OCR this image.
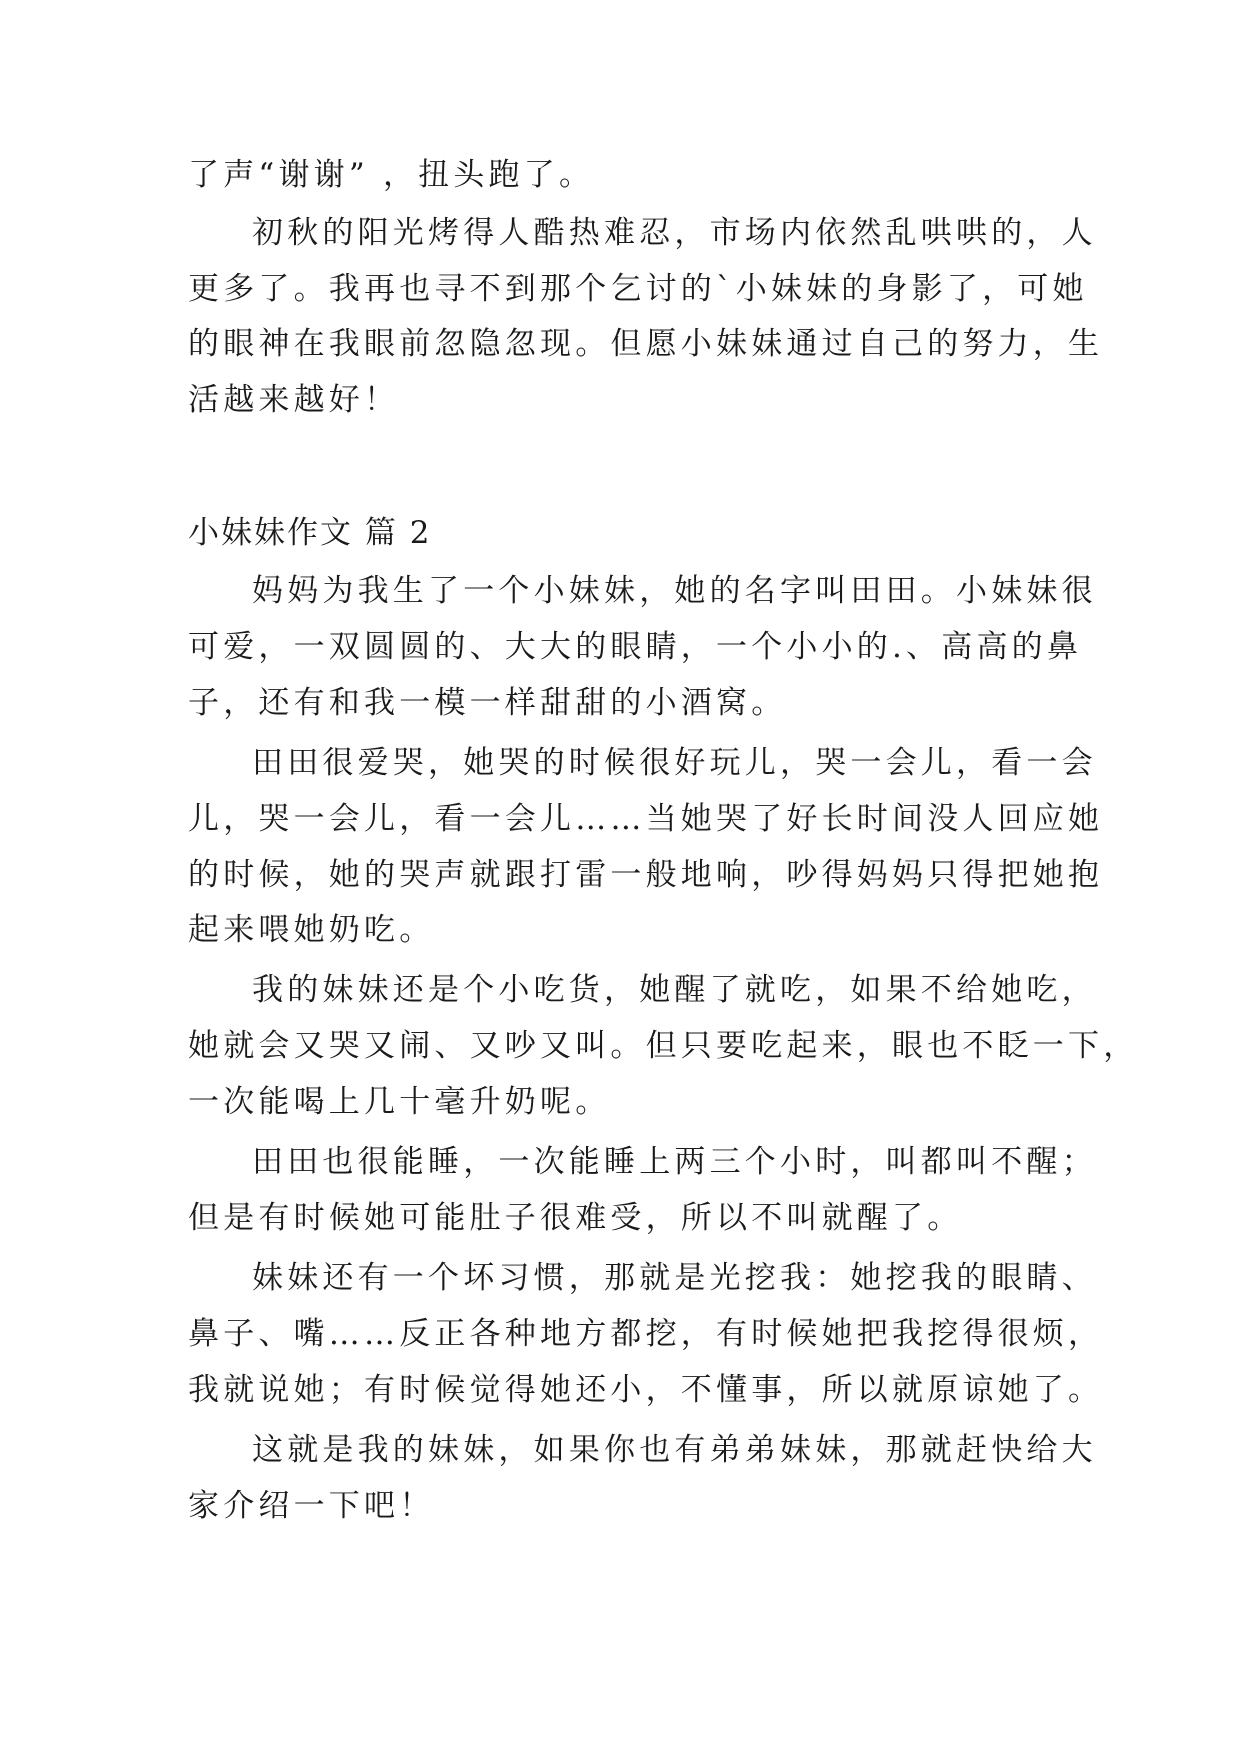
了声“谢谢” ，扭头跑了。
初秋的阳光烤得人酷热难忍，市场内依然乱哄哄的，人
更多了。我再也寻不到那个乞讨的`小妹妹的身影了，可她
的眼神在我眼前忽隐忽现。但愿小妹妹通过自己的努力，生
活越来越好！
小妹妹作文 篇 2
妈妈为我生了一个小妹妹，她的名字叫田田。小妹妹很
可爱，一双圆圆的、大大的眼睛，一个小小的.、高高的鼻
子，还有和我一模一样甜甜的小酒窝。
田田很爱哭，她哭的时候很好玩儿，哭一会儿，看一会
儿，哭一会儿，看一会儿……当她哭了好长时间没人回应她
的时候，她的哭声就跟打雷一般地响，吵得妈妈只得把她抱
起来喂她奶吃。
我的妹妹还是个小吃货，她醒了就吃，如果不给她吃，
她就会又哭又闹、又吵又叫。但只要吃起来，眼也不眨一下，
一次能喝上几十毫升奶呢。
田田也很能睡，一次能睡上两三个小时，叫都叫不醒；
但是有时候她可能肚子很难受，所以不叫就醒了。
妹妹还有一个坏习惯，那就是光挖我：她挖我的眼睛、
鼻子、嘴……反正各种地方都挖，有时候她把我挖得很烦，
我就说她；有时候觉得她还小，不懂事，所以就原谅她了。
这就是我的妹妹，如果你也有弟弟妹妹，那就赶快给大
家介绍一下吧！
